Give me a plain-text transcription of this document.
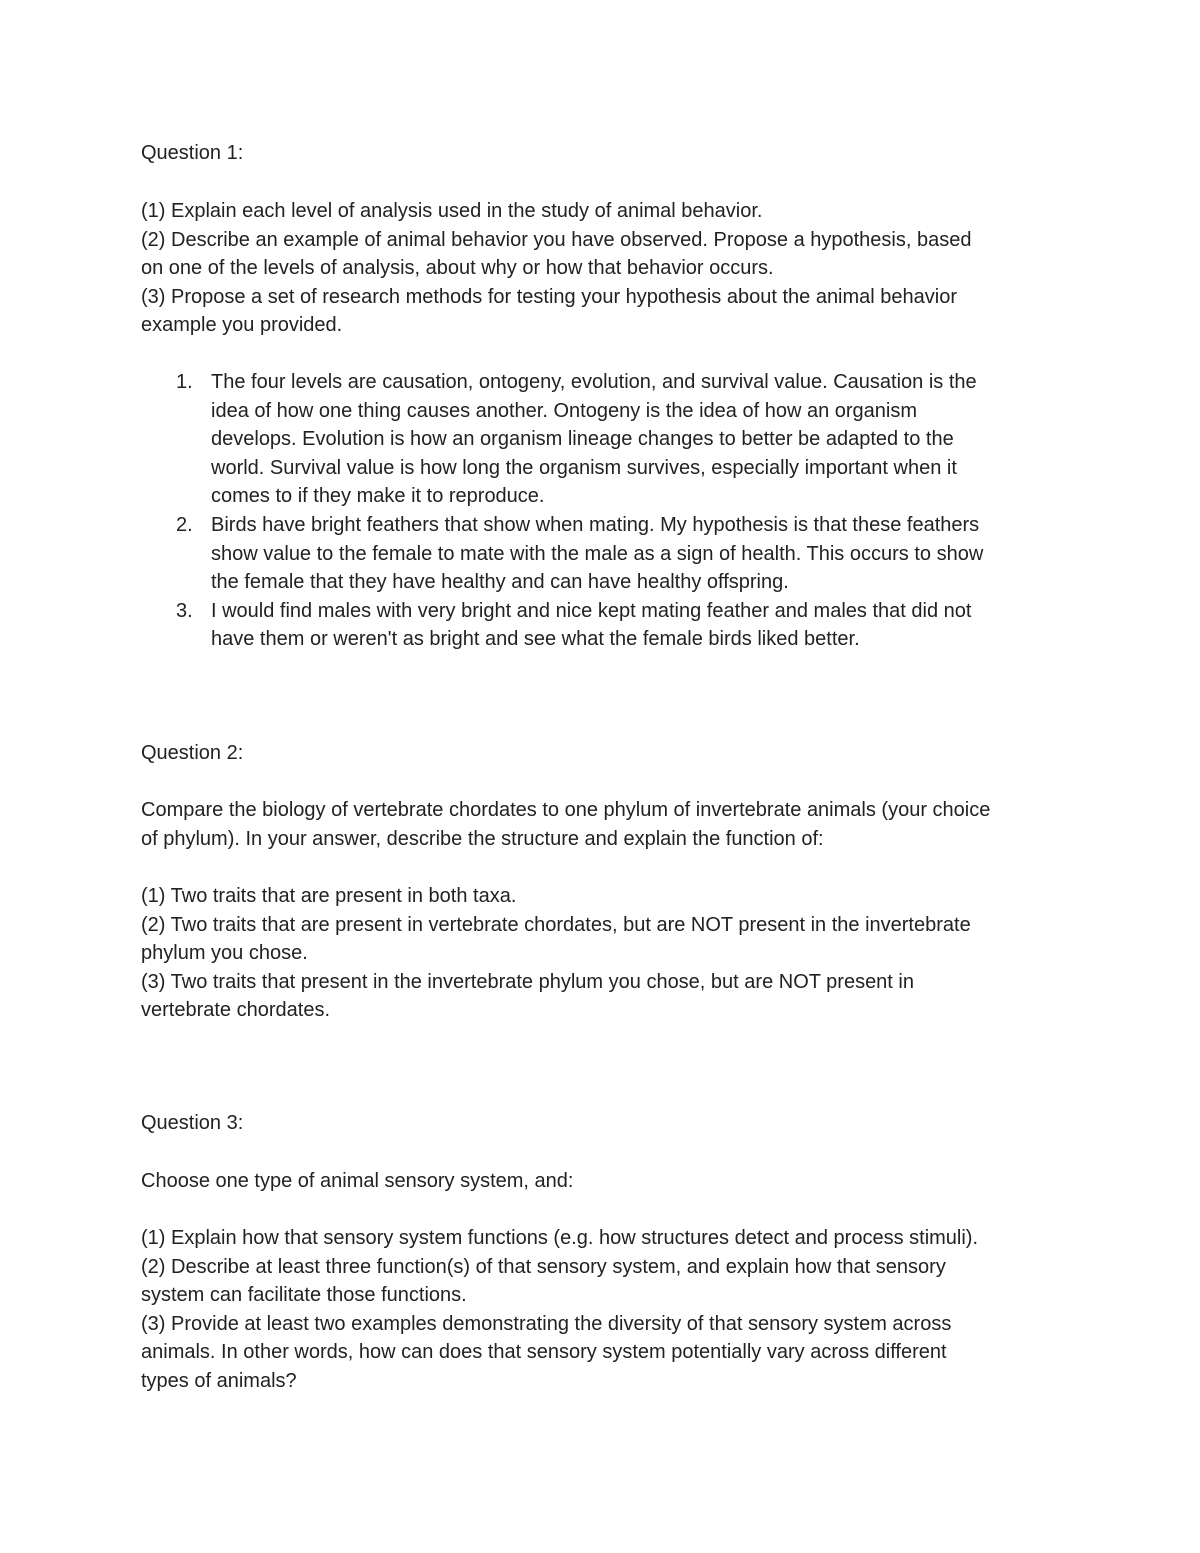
Question 1:
(1) Explain each level of analysis used in the study of animal behavior.
(2) Describe an example of animal behavior you have observed. Propose a hypothesis, based
on one of the levels of analysis, about why or how that behavior occurs.
(3) Propose a set of research methods for testing your hypothesis about the animal behavior
example you provided.
1. The four levels are causation, ontogeny, evolution, and survival value. Causation is the
idea of how one thing causes another. Ontogeny is the idea of how an organism
develops. Evolution is how an organism lineage changes to better be adapted to the
world. Survival value is how long the organism survives, especially important when it
comes to if they make it to reproduce.
2. Birds have bright feathers that show when mating. My hypothesis is that these feathers
show value to the female to mate with the male as a sign of health. This occurs to show
the female that they have healthy and can have healthy offspring.
3. I would find males with very bright and nice kept mating feather and males that did not
have them or weren't as bright and see what the female birds liked better.
Question 2:
Compare the biology of vertebrate chordates to one phylum of invertebrate animals (your choice
of phylum). In your answer, describe the structure and explain the function of:
(1) Two traits that are present in both taxa.
(2) Two traits that are present in vertebrate chordates, but are NOT present in the invertebrate
phylum you chose.
(3) Two traits that present in the invertebrate phylum you chose, but are NOT present in
vertebrate chordates.
Question 3:
Choose one type of animal sensory system, and:
(1) Explain how that sensory system functions (e.g. how structures detect and process stimuli).
(2) Describe at least three function(s) of that sensory system, and explain how that sensory
system can facilitate those functions.
(3) Provide at least two examples demonstrating the diversity of that sensory system across
animals. In other words, how can does that sensory system potentially vary across different
types of animals?
